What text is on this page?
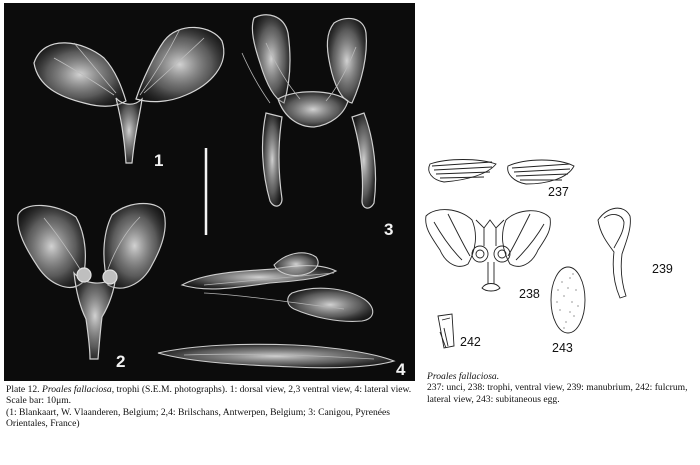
1
2
3
4

Plate 12. Proales fallaciosa, trophi (S.E.M. photographs). 1: dorsal view, 2,3 ventral view, 4: lateral view.

Scale bar: 10μm.

(1: Blankaart, W. Vlaanderen, Belgium; 2,4: Brilschans, Antwerpen, Belgium; 3: Canigou, Pyrenées Orientales, France)

237
238
239
242	243

Proales fallaciosa.

237: unci, 238: trophi, ventral view, 239: manubrium, 242: fulcrum, lateral view, 243: subitaneous egg.
